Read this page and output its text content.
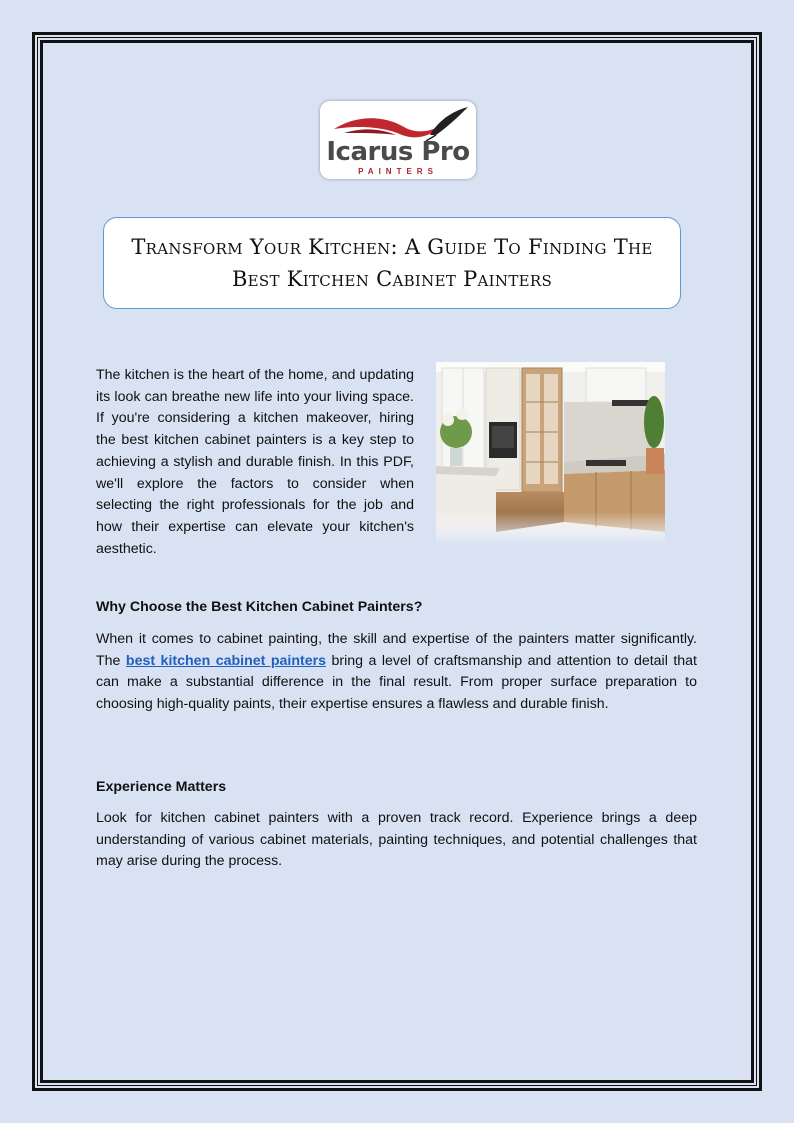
Icarus Pro
PAINTERS
Transform Your Kitchen: A Guide To Finding The Best Kitchen Cabinet Painters

The kitchen is the heart of the home, and updating its look can breathe new life into your living space. If you're considering a kitchen makeover, hiring the best kitchen cabinet painters is a key step to achieving a stylish and durable finish. In this PDF, we'll explore the factors to consider when selecting the right professionals for the job and how their expertise can elevate your kitchen's aesthetic.

Why Choose the Best Kitchen Cabinet Painters?

When it comes to cabinet painting, the skill and expertise of the painters matter significantly. The best kitchen cabinet painters bring a level of craftsmanship and attention to detail that can make a substantial difference in the final result. From proper surface preparation to choosing high-quality paints, their expertise ensures a flawless and durable finish.

Experience Matters

Look for kitchen cabinet painters with a proven track record. Experience brings a deep understanding of various cabinet materials, painting techniques, and potential challenges that may arise during the process.
